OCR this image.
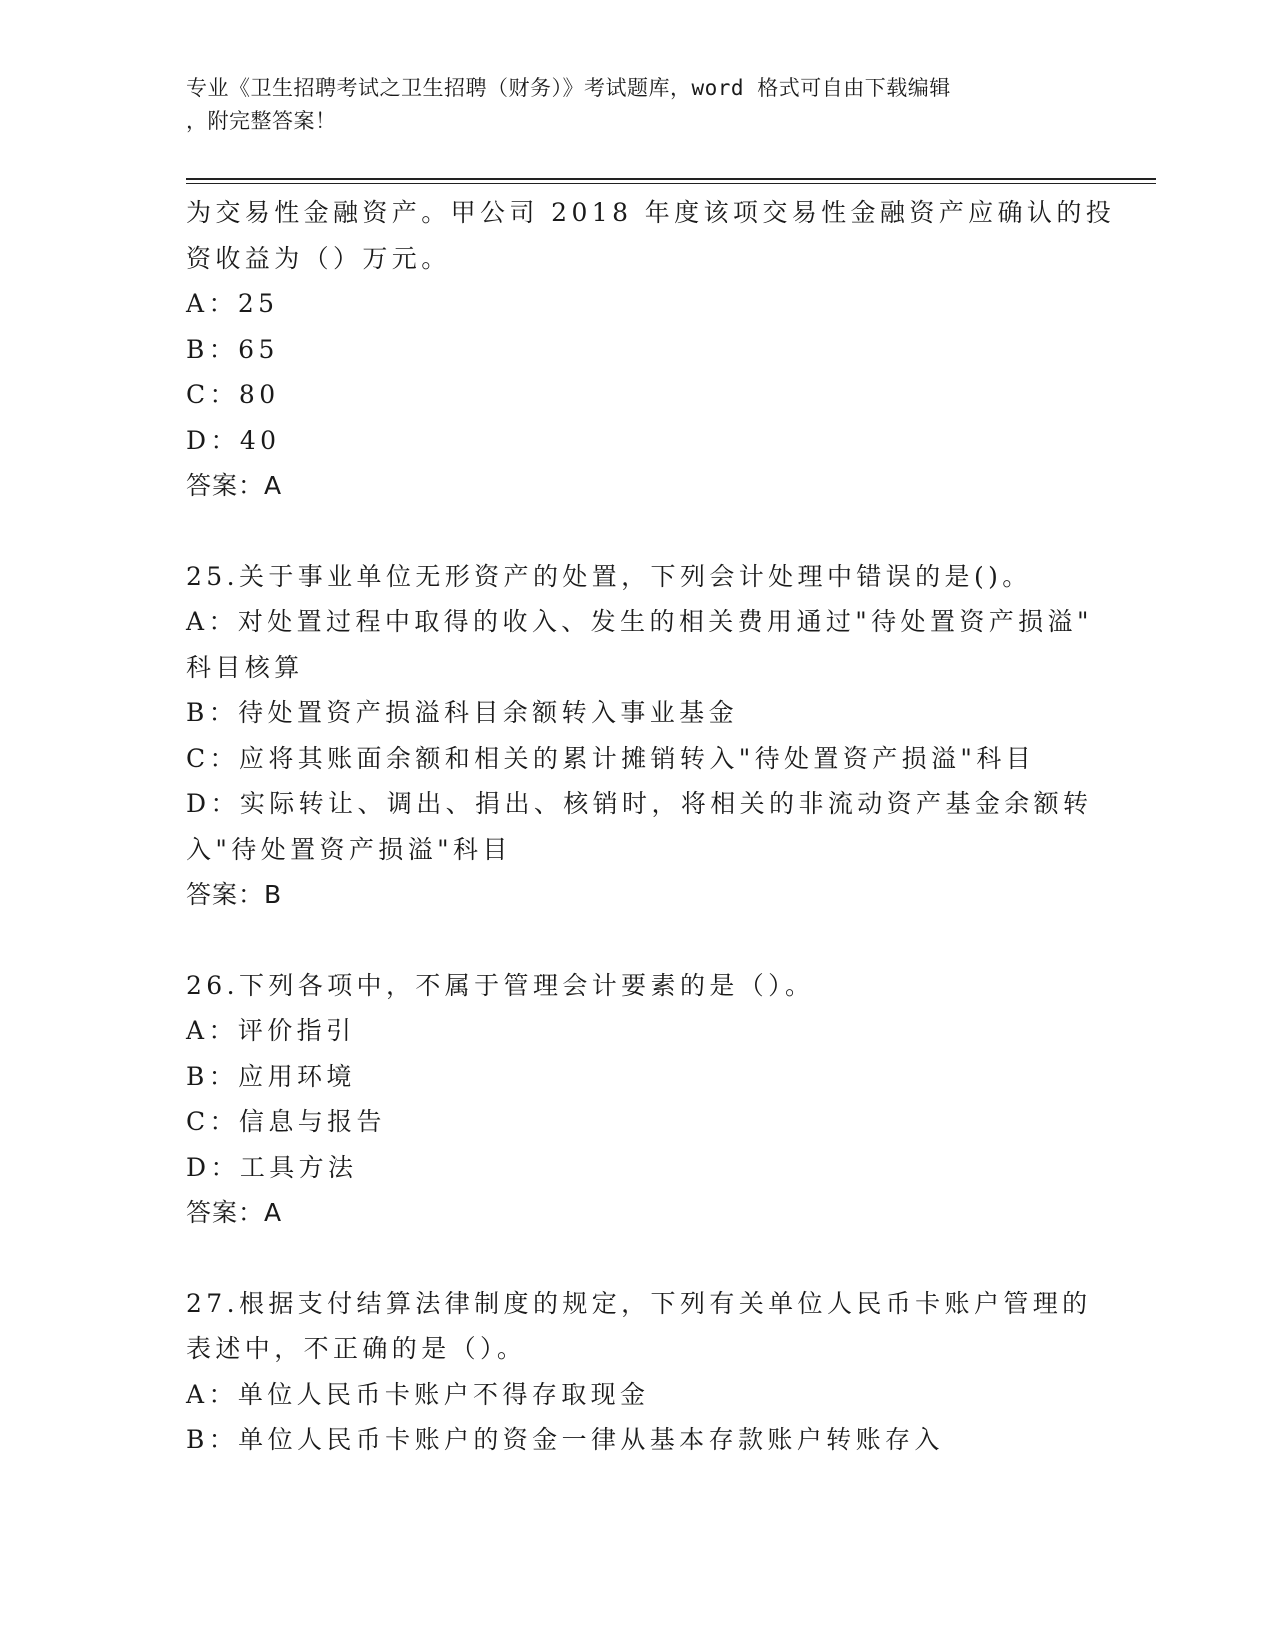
专业《卫生招聘考试之卫生招聘（财务）》考试题库，word 格式可自由下载编辑
，附完整答案！
为交易性金融资产。甲公司 2018 年度该项交易性金融资产应确认的投
资收益为（）万元。
A：25
B：65
C：80
D：40
答案：A
25.关于事业单位无形资产的处置，下列会计处理中错误的是()。
A：对处置过程中取得的收入、发生的相关费用通过"待处置资产损溢"
科目核算
B：待处置资产损溢科目余额转入事业基金
C：应将其账面余额和相关的累计摊销转入"待处置资产损溢"科目
D：实际转让、调出、捐出、核销时，将相关的非流动资产基金余额转
入"待处置资产损溢"科目
答案：B
26.下列各项中，不属于管理会计要素的是（）。
A：评价指引
B：应用环境
C：信息与报告
D：工具方法
答案：A
27.根据支付结算法律制度的规定，下列有关单位人民币卡账户管理的
表述中，不正确的是（）。
A：单位人民币卡账户不得存取现金
B：单位人民币卡账户的资金一律从基本存款账户转账存入
